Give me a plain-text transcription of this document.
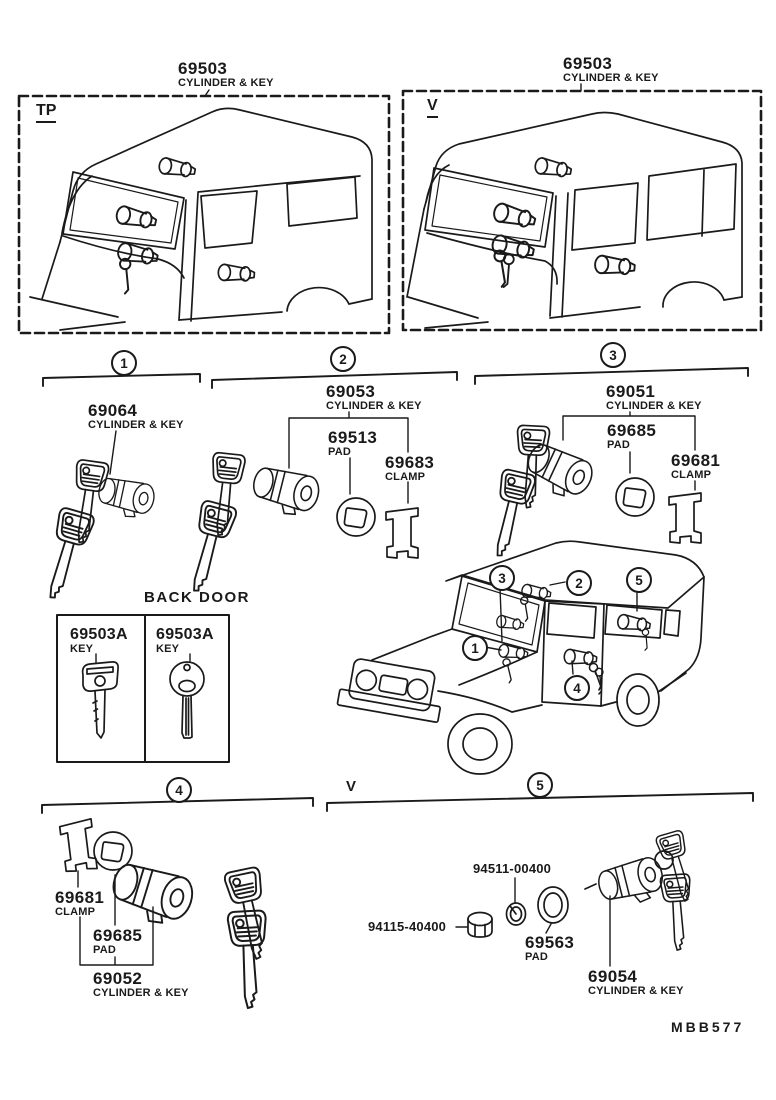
69503
CYLINDER & KEY
TP
69503
CYLINDER & KEY
V
1	2	3
69064
CYLINDER & KEY
69053
CYLINDER & KEY
69513
PAD
69683
CLAMP
69051
CYLINDER & KEY
69685
PAD
69681
CLAMP
BACK DOOR
69503A
KEY
69503A
KEY
3	2	5
1
4
4	V	5
69681
CLAMP
69685
PAD
69052
CYLINDER & KEY
94511-00400
94115-40400
69563
PAD
69054
CYLINDER & KEY
MBB577
